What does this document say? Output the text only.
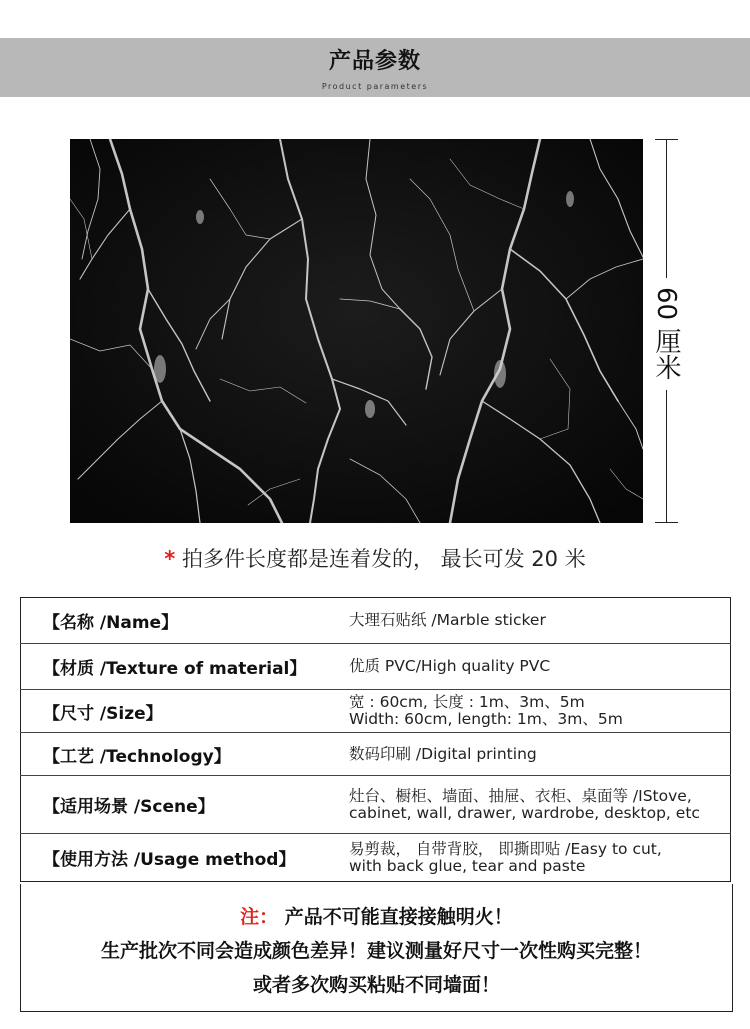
产品参数
Product parameters
60 厘米
* 拍多件长度都是连着发的， 最长可发 20 米
【名称 /Name】	大理石贴纸 /Marble sticker

【材质 /Texture of material】	优质 PVC/High quality PVC

【尺寸 /Size】	宽 : 60cm, 长度 : 1m、3m、5m
Width: 60cm, length: 1m、3m、5m

【工艺 /Technology】	数码印刷 /Digital printing

【适用场景 /Scene】	灶台、橱柜、墙面、抽屉、衣柜、桌面等 /IStove,
cabinet, wall, drawer, wardrobe, desktop, etc

【使用方法 /Usage method】	易剪裁， 自带背胶， 即撕即贴 /Easy to cut,
with back glue, tear and paste
注： 产品不可能直接接触明火！
生产批次不同会造成颜色差异！建议测量好尺寸一次性购买完整！
或者多次购买粘贴不同墙面！
